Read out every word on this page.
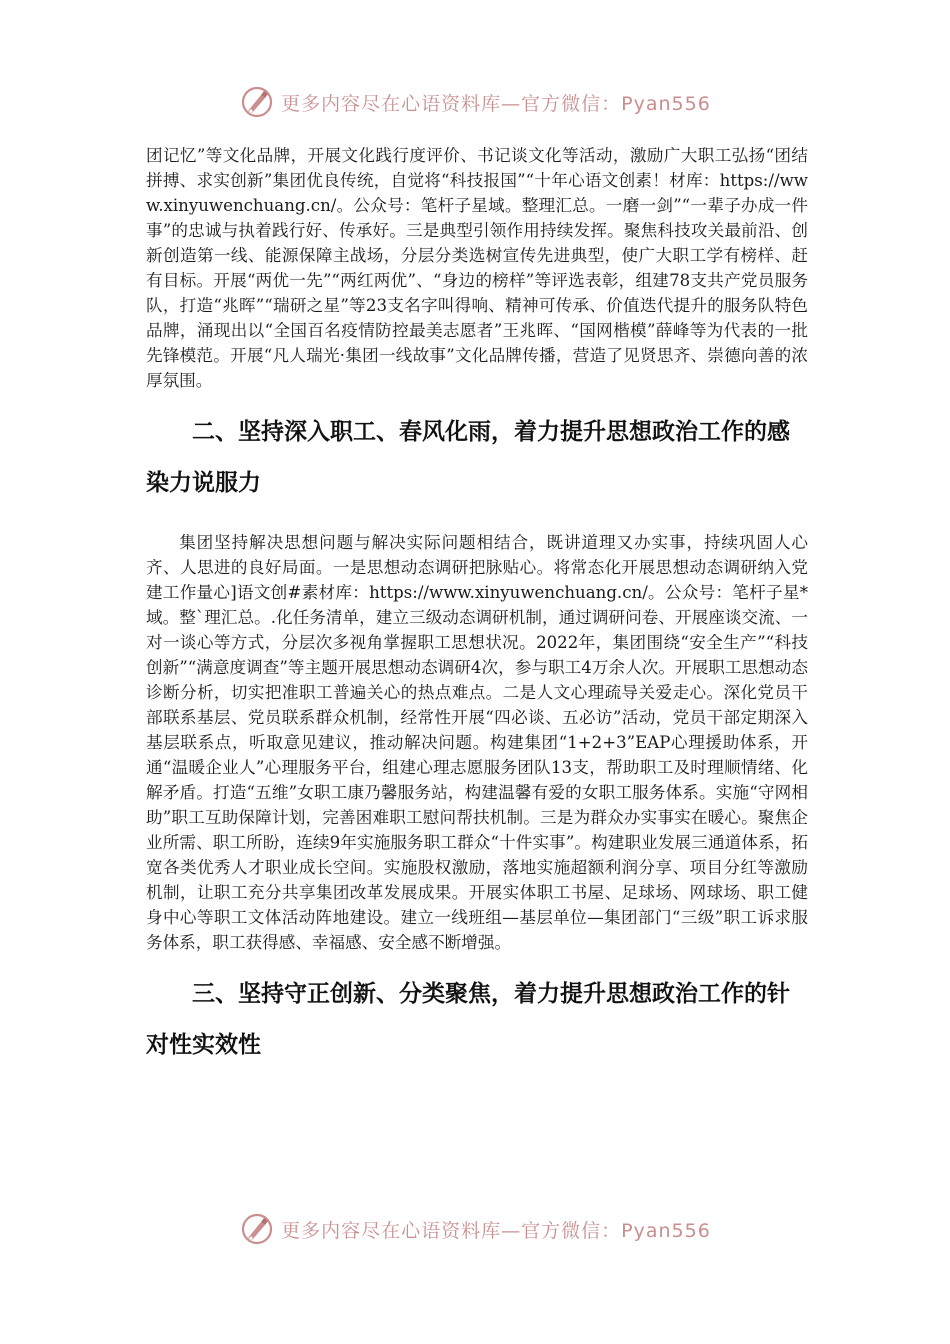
更多内容尽在心语资料库—官方微信：Pyan556

团记忆”等文化品牌，开展文化践行度评价、书记谈文化等活动，激励广大职工弘扬“团结拼搏、求实创新”集团优良传统，自觉将“科技报国”“十年心语文创素！材库：https://www.xinyuwenchuang.cn/。公众号：笔杆子星域。整理汇总。一磨一剑”“一辈子办成一件事”的忠诚与执着践行好、传承好。三是典型引领作用持续发挥。聚焦科技攻关最前沿、创新创造第一线、能源保障主战场，分层分类选树宣传先进典型，使广大职工学有榜样、赶有目标。开展“两优一先”“两红两优”、“身边的榜样”等评选表彰，组建78支共产党员服务队，打造“兆晖”“瑞研之星”等23支名字叫得响、精神可传承、价值迭代提升的服务队特色品牌，涌现出以“全国百名疫情防控最美志愿者”王兆晖、“国网楷模”薛峰等为代表的一批先锋模范。开展“凡人瑞光·集团一线故事”文化品牌传播，营造了见贤思齐、崇德向善的浓厚氛围。

二、坚持深入职工、春风化雨，着力提升思想政治工作的感染力说服力

集团坚持解决思想问题与解决实际问题相结合，既讲道理又办实事，持续巩固人心齐、人思进的良好局面。一是思想动态调研把脉贴心。将常态化开展思想动态调研纳入党建工作量心]语文创#素材库：https://www.xinyuwenchuang.cn/。公众号：笔杆子星*域。整`理汇总。.化任务清单，建立三级动态调研机制，通过调研问卷、开展座谈交流、一对一谈心等方式，分层次多视角掌握职工思想状况。2022年，集团围绕“安全生产”“科技创新”“满意度调查”等主题开展思想动态调研4次，参与职工4万余人次。开展职工思想动态诊断分析，切实把准职工普遍关心的热点难点。二是人文心理疏导关爱走心。深化党员干部联系基层、党员联系群众机制，经常性开展“四必谈、五必访”活动，党员干部定期深入基层联系点，听取意见建议，推动解决问题。构建集团“1+2+3”EAP心理援助体系，开通“温暖企业人”心理服务平台，组建心理志愿服务团队13支，帮助职工及时理顺情绪、化解矛盾。打造“五维”女职工康乃馨服务站，构建温馨有爱的女职工服务体系。实施“守网相助”职工互助保障计划，完善困难职工慰问帮扶机制。三是为群众办实事实在暖心。聚焦企业所需、职工所盼，连续9年实施服务职工群众“十件实事”。构建职业发展三通道体系，拓宽各类优秀人才职业成长空间。实施股权激励，落地实施超额利润分享、项目分红等激励机制，让职工充分共享集团改革发展成果。开展实体职工书屋、足球场、网球场、职工健身中心等职工文体活动阵地建设。建立一线班组—基层单位—集团部门“三级”职工诉求服务体系，职工获得感、幸福感、安全感不断增强。

三、坚持守正创新、分类聚焦，着力提升思想政治工作的针对性实效性
更多内容尽在心语资料库—官方微信：Pyan556
